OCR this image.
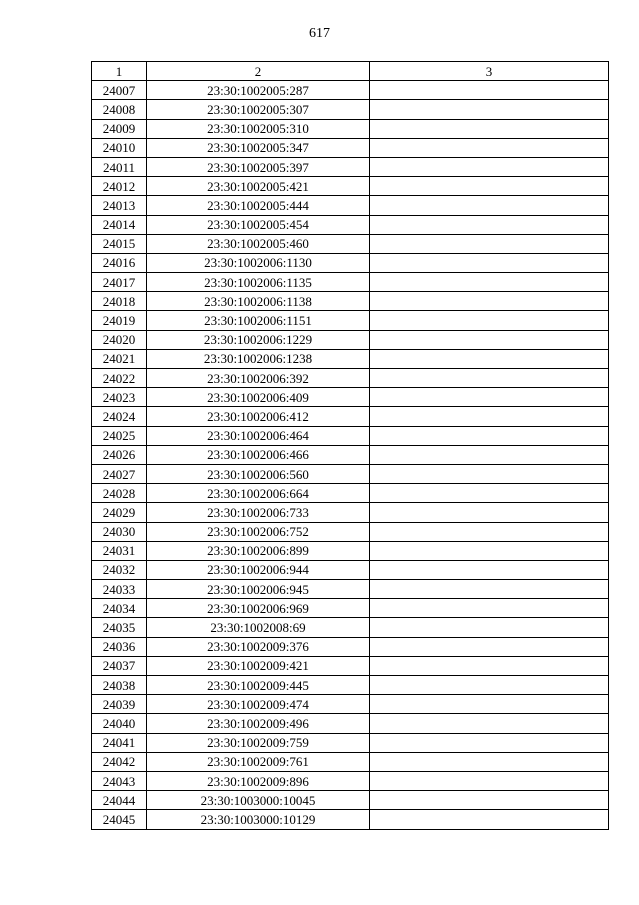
617
1	2	3
24007	23:30:1002005:287	
24008	23:30:1002005:307	
24009	23:30:1002005:310	
24010	23:30:1002005:347	
24011	23:30:1002005:397	
24012	23:30:1002005:421	
24013	23:30:1002005:444	
24014	23:30:1002005:454	
24015	23:30:1002005:460	
24016	23:30:1002006:1130	
24017	23:30:1002006:1135	
24018	23:30:1002006:1138	
24019	23:30:1002006:1151	
24020	23:30:1002006:1229	
24021	23:30:1002006:1238	
24022	23:30:1002006:392	
24023	23:30:1002006:409	
24024	23:30:1002006:412	
24025	23:30:1002006:464	
24026	23:30:1002006:466	
24027	23:30:1002006:560	
24028	23:30:1002006:664	
24029	23:30:1002006:733	
24030	23:30:1002006:752	
24031	23:30:1002006:899	
24032	23:30:1002006:944	
24033	23:30:1002006:945	
24034	23:30:1002006:969	
24035	23:30:1002008:69	
24036	23:30:1002009:376	
24037	23:30:1002009:421	
24038	23:30:1002009:445	
24039	23:30:1002009:474	
24040	23:30:1002009:496	
24041	23:30:1002009:759	
24042	23:30:1002009:761	
24043	23:30:1002009:896	
24044	23:30:1003000:10045	
24045	23:30:1003000:10129	
